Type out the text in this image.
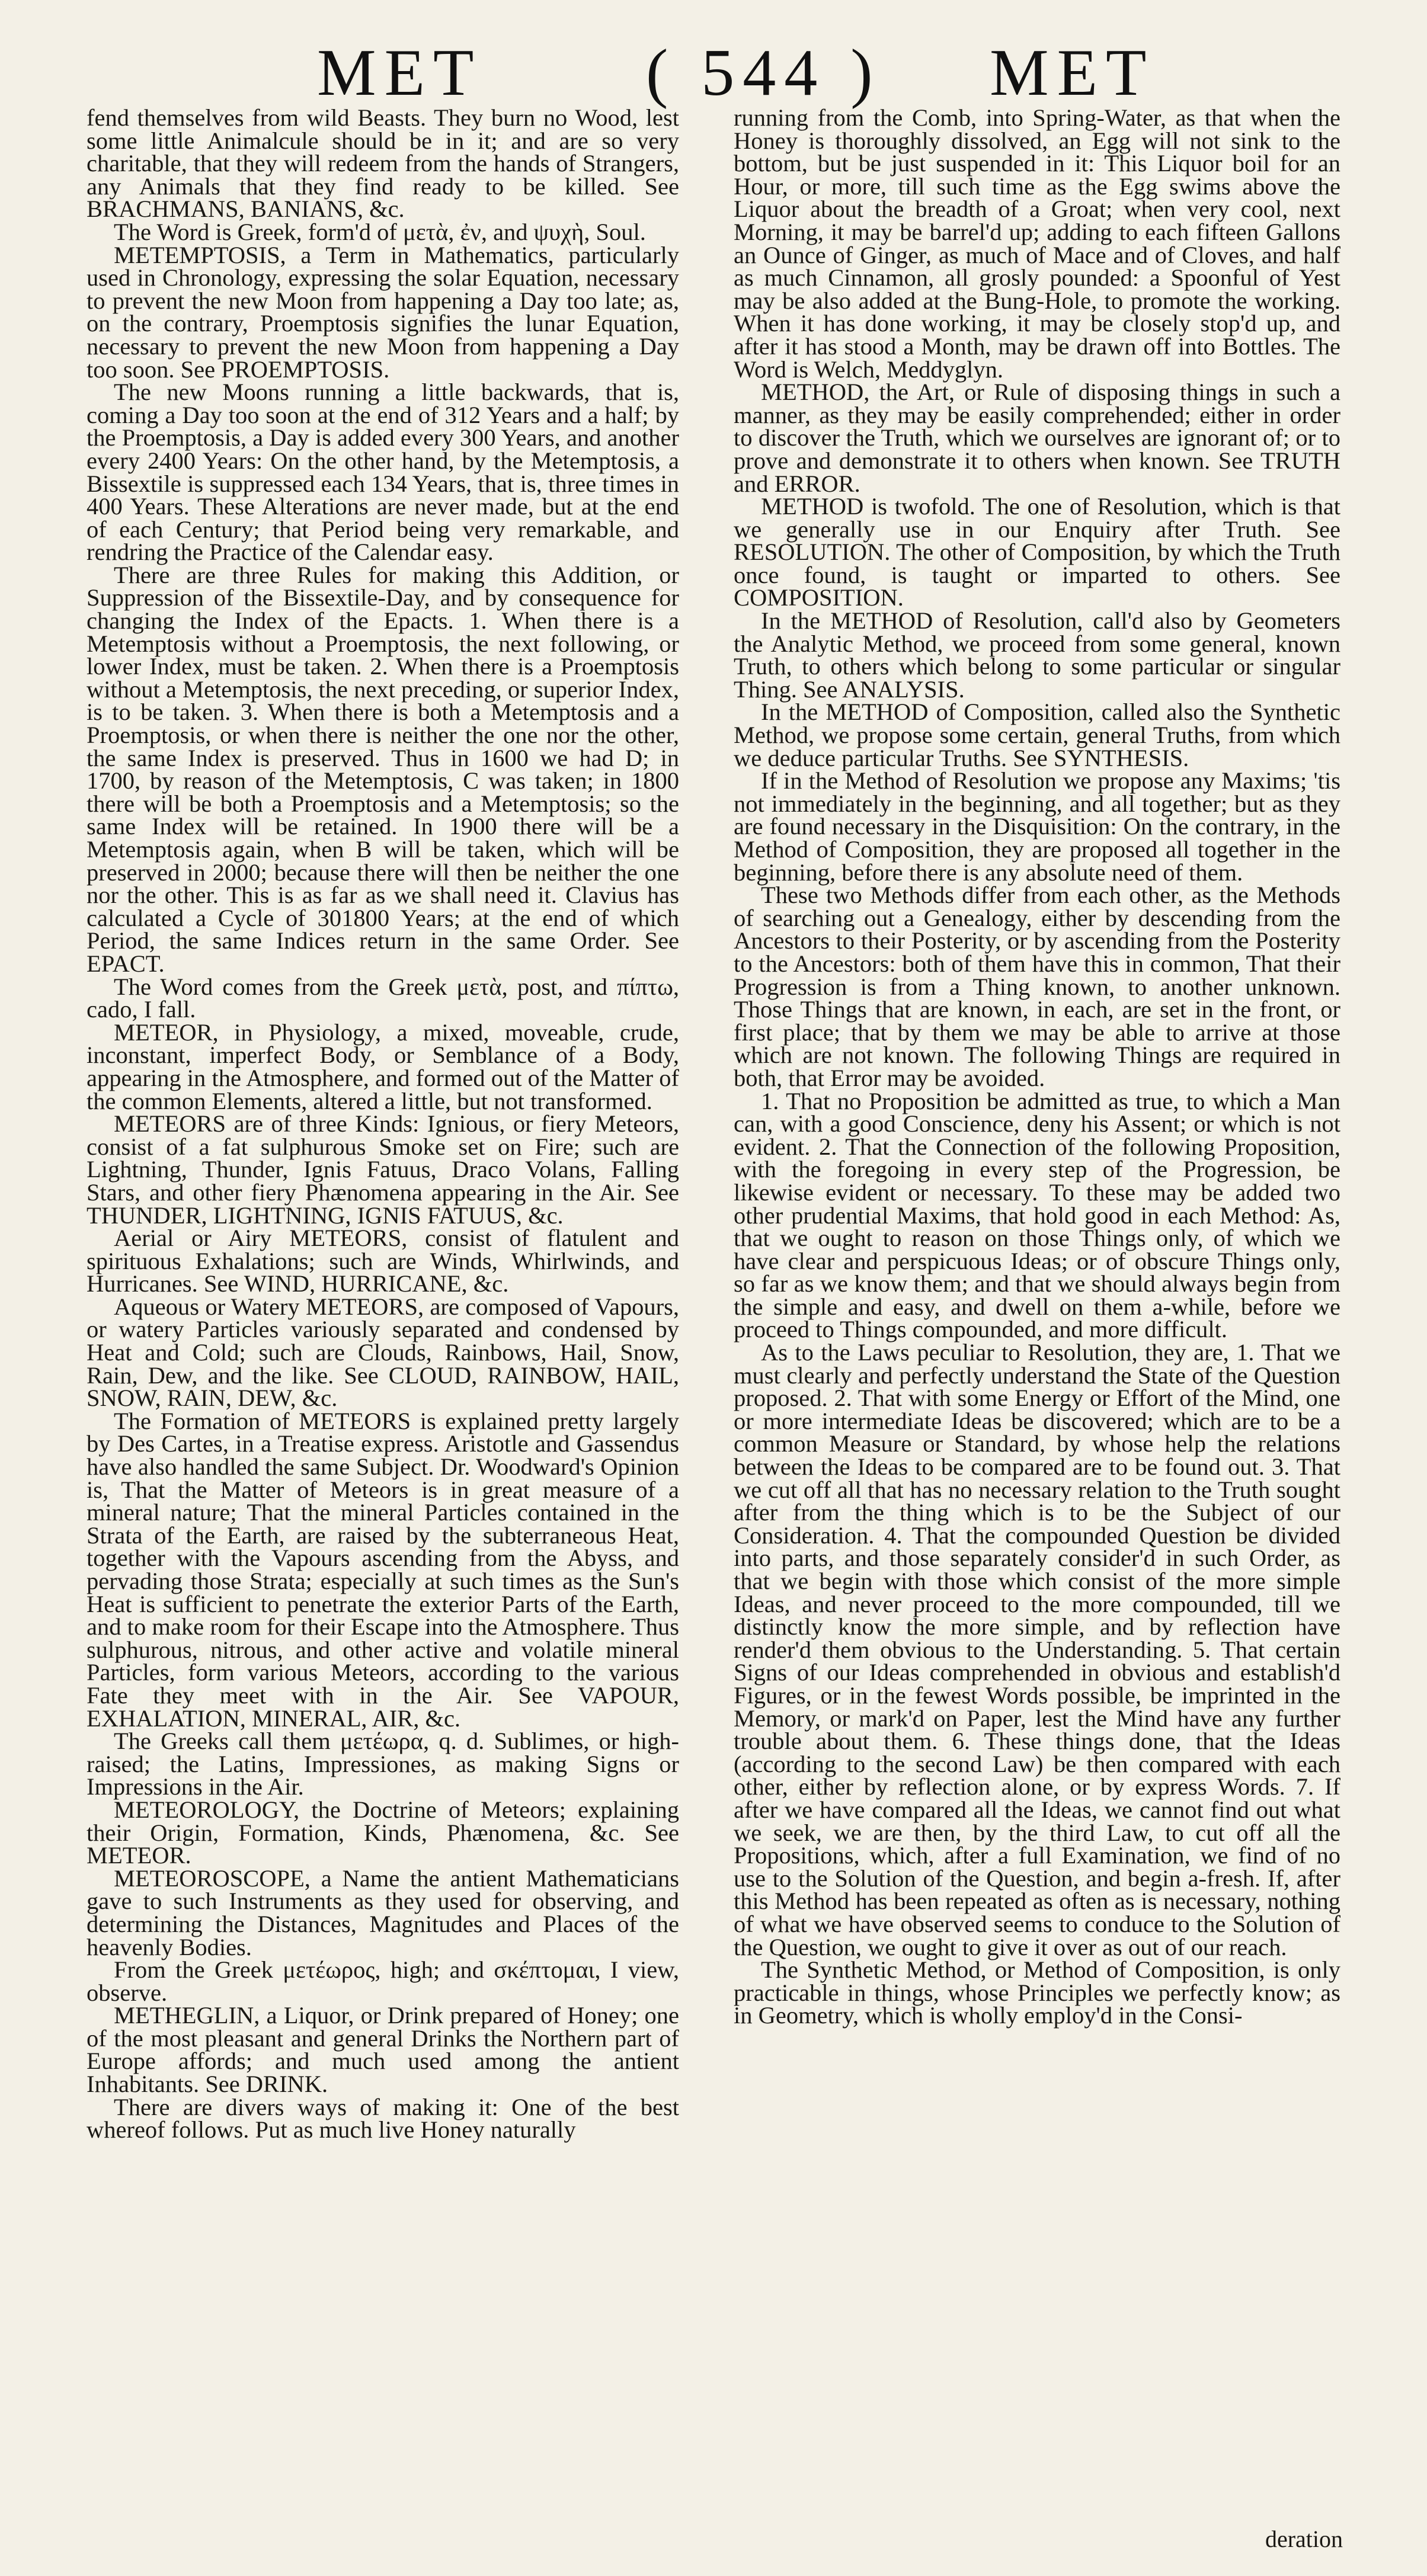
MET ( 544 ) MET

fend themselves from wild Beasts. They burn no Wood, lest some little Animalcule should be in it; and are so very charitable, that they will redeem from the hands of Strangers, any Animals that they find ready to be killed. See BRACHMANS, BANIANS, &c.

The Word is Greek, form'd of μετὰ, ἐν, and ψυχὴ, Soul.

METEMPTOSIS, a Term in Mathematics, particularly used in Chronology, expressing the solar Equation, necessary to prevent the new Moon from happening a Day too late; as, on the contrary, Proemptosis signifies the lunar Equation, necessary to prevent the new Moon from happening a Day too soon. See PROEMPTOSIS.

The new Moons running a little backwards, that is, coming a Day too soon at the end of 312 Years and a half; by the Proemptosis, a Day is added every 300 Years, and another every 2400 Years: On the other hand, by the Metemptosis, a Bissextile is suppressed each 134 Years, that is, three times in 400 Years. These Alterations are never made, but at the end of each Century; that Period being very remarkable, and rendring the Practice of the Calendar easy.

There are three Rules for making this Addition, or Suppression of the Bissextile-Day, and by consequence for changing the Index of the Epacts. 1. When there is a Metemptosis without a Proemptosis, the next following, or lower Index, must be taken. 2. When there is a Proemptosis without a Metemptosis, the next preceding, or superior Index, is to be taken. 3. When there is both a Metemptosis and a Proemptosis, or when there is neither the one nor the other, the same Index is preserved. Thus in 1600 we had D; in 1700, by reason of the Metemptosis, C was taken; in 1800 there will be both a Proemptosis and a Metemptosis; so the same Index will be retained. In 1900 there will be a Metemptosis again, when B will be taken, which will be preserved in 2000; because there will then be neither the one nor the other. This is as far as we shall need it. Clavius has calculated a Cycle of 301800 Years; at the end of which Period, the same Indices return in the same Order. See EPACT.

The Word comes from the Greek μετὰ, post, and πίπτω, cado, I fall.

METEOR, in Physiology, a mixed, moveable, crude, inconstant, imperfect Body, or Semblance of a Body, appearing in the Atmosphere, and formed out of the Matter of the common Elements, altered a little, but not transformed.

METEORS are of three Kinds: Ignious, or fiery Meteors, consist of a fat sulphurous Smoke set on Fire; such are Lightning, Thunder, Ignis Fatuus, Draco Volans, Falling Stars, and other fiery Phænomena appearing in the Air. See THUNDER, LIGHTNING, IGNIS FATUUS, &c.

Aerial or Airy METEORS, consist of flatulent and spirituous Exhalations; such are Winds, Whirlwinds, and Hurricanes. See WIND, HURRICANE, &c.

Aqueous or Watery METEORS, are composed of Vapours, or watery Particles variously separated and condensed by Heat and Cold; such are Clouds, Rainbows, Hail, Snow, Rain, Dew, and the like. See CLOUD, RAINBOW, HAIL, SNOW, RAIN, DEW, &c.

The Formation of METEORS is explained pretty largely by Des Cartes, in a Treatise express. Aristotle and Gassendus have also handled the same Subject. Dr. Woodward's Opinion is, That the Matter of Meteors is in great measure of a mineral nature; That the mineral Particles contained in the Strata of the Earth, are raised by the subterraneous Heat, together with the Vapours ascending from the Abyss, and pervading those Strata; especially at such times as the Sun's Heat is sufficient to penetrate the exterior Parts of the Earth, and to make room for their Escape into the Atmosphere. Thus sulphurous, nitrous, and other active and volatile mineral Particles, form various Meteors, according to the various Fate they meet with in the Air. See VAPOUR, EXHALATION, MINERAL, AIR, &c.

The Greeks call them μετέωρα, q. d. Sublimes, or high-raised; the Latins, Impressiones, as making Signs or Impressions in the Air.

METEOROLOGY, the Doctrine of Meteors; explaining their Origin, Formation, Kinds, Phænomena, &c. See METEOR.

METEOROSCOPE, a Name the antient Mathematicians gave to such Instruments as they used for observing, and determining the Distances, Magnitudes and Places of the heavenly Bodies.

From the Greek μετέωρος, high; and σκέπτομαι, I view, observe.

METHEGLIN, a Liquor, or Drink prepared of Honey; one of the most pleasant and general Drinks the Northern part of Europe affords; and much used among the antient Inhabitants. See DRINK.

There are divers ways of making it: One of the best whereof follows. Put as much live Honey naturally

running from the Comb, into Spring-Water, as that when the Honey is thoroughly dissolved, an Egg will not sink to the bottom, but be just suspended in it: This Liquor boil for an Hour, or more, till such time as the Egg swims above the Liquor about the breadth of a Groat; when very cool, next Morning, it may be barrel'd up; adding to each fifteen Gallons an Ounce of Ginger, as much of Mace and of Cloves, and half as much Cinnamon, all grosly pounded: a Spoonful of Yest may be also added at the Bung-Hole, to promote the working. When it has done working, it may be closely stop'd up, and after it has stood a Month, may be drawn off into Bottles. The Word is Welch, Meddyglyn.

METHOD, the Art, or Rule of disposing things in such a manner, as they may be easily comprehended; either in order to discover the Truth, which we ourselves are ignorant of; or to prove and demonstrate it to others when known. See TRUTH and ERROR.

METHOD is twofold. The one of Resolution, which is that we generally use in our Enquiry after Truth. See RESOLUTION. The other of Composition, by which the Truth once found, is taught or imparted to others. See COMPOSITION.

In the METHOD of Resolution, call'd also by Geometers the Analytic Method, we proceed from some general, known Truth, to others which belong to some particular or singular Thing. See ANALYSIS.

In the METHOD of Composition, called also the Synthetic Method, we propose some certain, general Truths, from which we deduce particular Truths. See SYNTHESIS.

If in the Method of Resolution we propose any Maxims; 'tis not immediately in the beginning, and all together; but as they are found necessary in the Disquisition: On the contrary, in the Method of Composition, they are proposed all together in the beginning, before there is any absolute need of them.

These two Methods differ from each other, as the Methods of searching out a Genealogy, either by descending from the Ancestors to their Posterity, or by ascending from the Posterity to the Ancestors: both of them have this in common, That their Progression is from a Thing known, to another unknown. Those Things that are known, in each, are set in the front, or first place; that by them we may be able to arrive at those which are not known. The following Things are required in both, that Error may be avoided.

1. That no Proposition be admitted as true, to which a Man can, with a good Conscience, deny his Assent; or which is not evident. 2. That the Connection of the following Proposition, with the foregoing in every step of the Progression, be likewise evident or necessary. To these may be added two other prudential Maxims, that hold good in each Method: As, that we ought to reason on those Things only, of which we have clear and perspicuous Ideas; or of obscure Things only, so far as we know them; and that we should always begin from the simple and easy, and dwell on them a-while, before we proceed to Things compounded, and more difficult.

As to the Laws peculiar to Resolution, they are, 1. That we must clearly and perfectly understand the State of the Question proposed. 2. That with some Energy or Effort of the Mind, one or more intermediate Ideas be discovered; which are to be a common Measure or Standard, by whose help the relations between the Ideas to be compared are to be found out. 3. That we cut off all that has no necessary relation to the Truth sought after from the thing which is to be the Subject of our Consideration. 4. That the compounded Question be divided into parts, and those separately consider'd in such Order, as that we begin with those which consist of the more simple Ideas, and never proceed to the more compounded, till we distinctly know the more simple, and by reflection have render'd them obvious to the Understanding. 5. That certain Signs of our Ideas comprehended in obvious and establish'd Figures, or in the fewest Words possible, be imprinted in the Memory, or mark'd on Paper, lest the Mind have any further trouble about them. 6. These things done, that the Ideas (according to the second Law) be then compared with each other, either by reflection alone, or by express Words. 7. If after we have compared all the Ideas, we cannot find out what we seek, we are then, by the third Law, to cut off all the Propositions, which, after a full Examination, we find of no use to the Solution of the Question, and begin a-fresh. If, after this Method has been repeated as often as is necessary, nothing of what we have observed seems to conduce to the Solution of the Question, we ought to give it over as out of our reach.

The Synthetic Method, or Method of Composition, is only practicable in things, whose Principles we perfectly know; as in Geometry, which is wholly employ'd in the Consi-

deration
